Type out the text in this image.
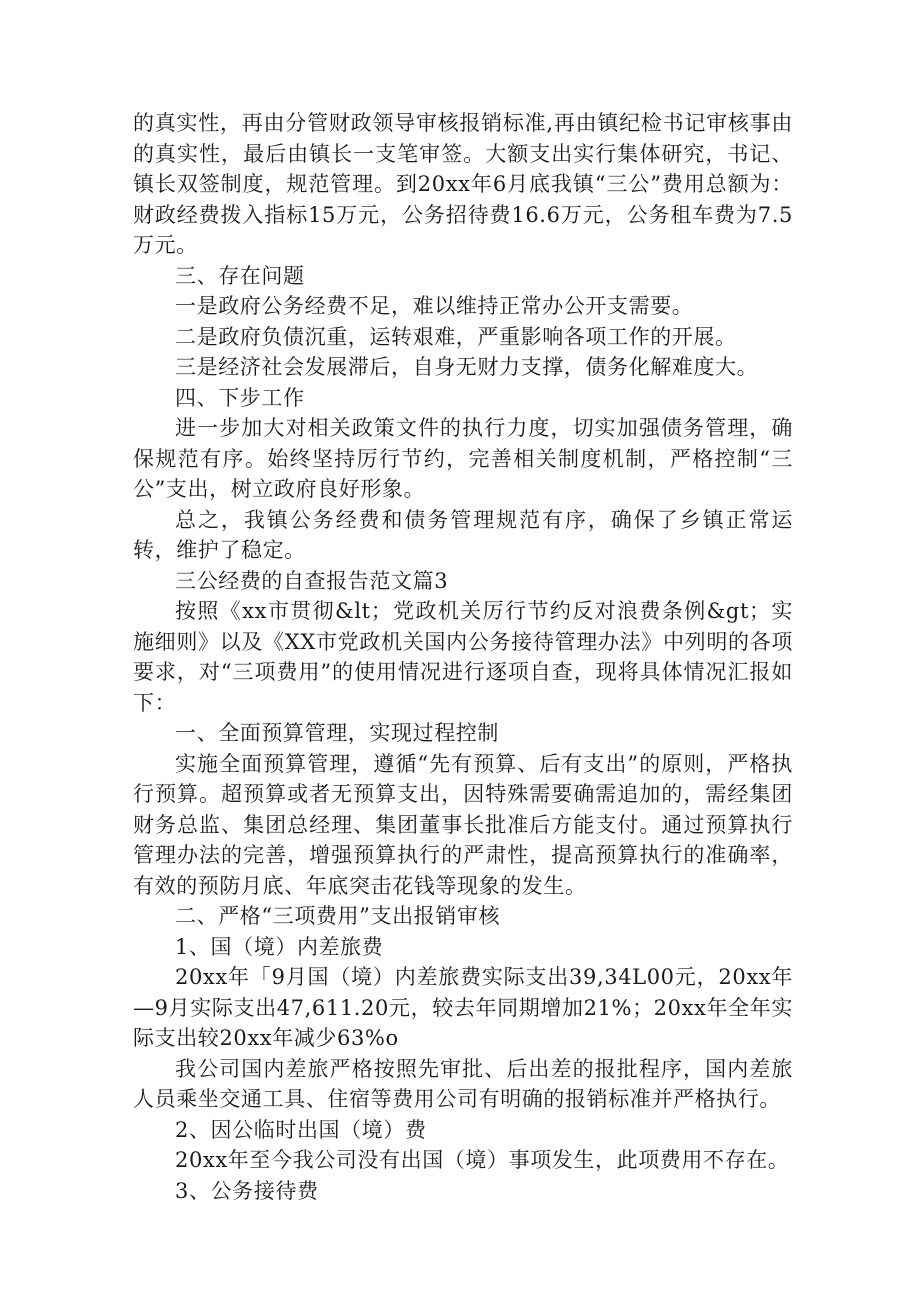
的真实性，再由分管财政领导审核报销标准,再由镇纪检书记审核事由的真实性，最后由镇长一支笔审签。大额支出实行集体研究，书记、镇长双签制度，规范管理。到20xx年6月底我镇“三公”费用总额为：财政经费拨入指标15万元，公务招待费16.6万元，公务租车费为7.5万元。

三、存在问题

一是政府公务经费不足，难以维持正常办公开支需要。

二是政府负债沉重，运转艰难，严重影响各项工作的开展。

三是经济社会发展滞后，自身无财力支撑，债务化解难度大。

四、下步工作

进一步加大对相关政策文件的执行力度，切实加强债务管理，确保规范有序。始终坚持厉行节约，完善相关制度机制，严格控制“三公”支出，树立政府良好形象。

总之，我镇公务经费和债务管理规范有序，确保了乡镇正常运转，维护了稳定。

三公经费的自查报告范文篇3

按照《xx市贯彻&lt；党政机关厉行节约反对浪费条例&gt；实施细则》以及《XX市党政机关国内公务接待管理办法》中列明的各项要求，对“三项费用”的使用情况进行逐项自查，现将具体情况汇报如下：

一、全面预算管理，实现过程控制

实施全面预算管理，遵循“先有预算、后有支出”的原则，严格执行预算。超预算或者无预算支出，因特殊需要确需追加的，需经集团财务总监、集团总经理、集团董事长批准后方能支付。通过预算执行管理办法的完善，增强预算执行的严肃性，提高预算执行的准确率，有效的预防月底、年底突击花钱等现象的发生。

二、严格“三项费用”支出报销审核

1、国（境）内差旅费

20xx年「9月国（境）内差旅费实际支出39,34L00元，20xx年—9月实际支出47,611.20元，较去年同期增加21%；20xx年全年实际支出较20xx年减少63%o

我公司国内差旅严格按照先审批、后出差的报批程序，国内差旅人员乘坐交通工具、住宿等费用公司有明确的报销标准并严格执行。

2、因公临时出国（境）费

20xx年至今我公司没有出国（境）事项发生，此项费用不存在。

3、公务接待费
